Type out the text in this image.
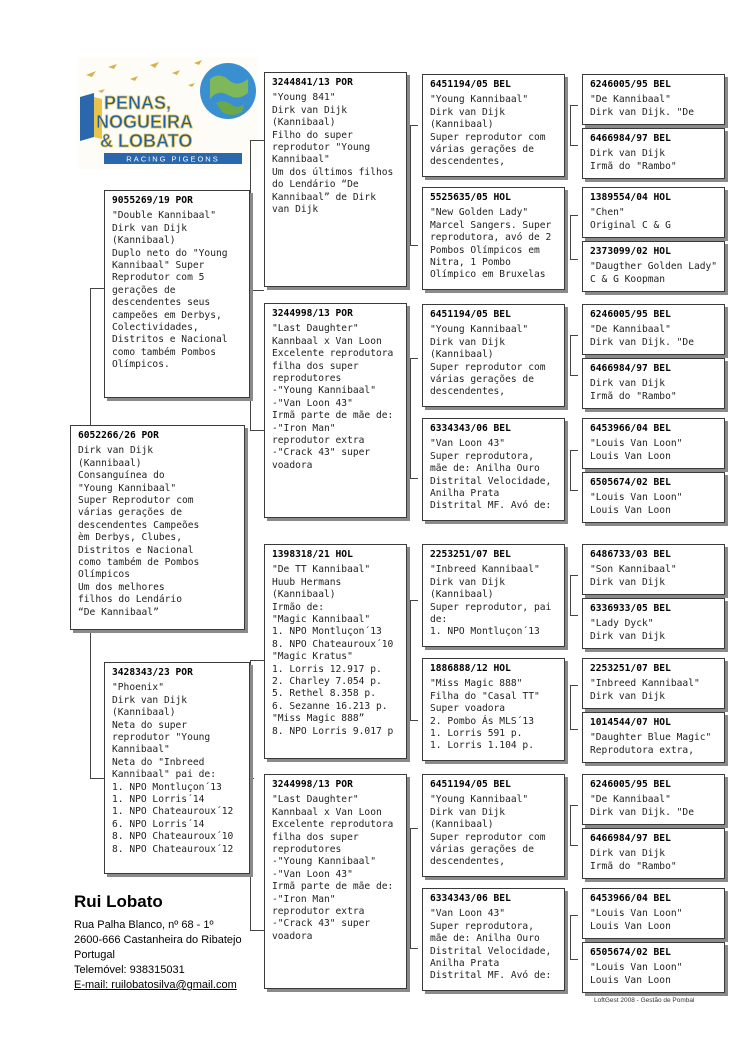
PENAS,
NOGUEIRA
& LOBATO
RACING PIGEONS
6052266/26 POR
Dirk van Dijk
(Kannibaal)
Consanguínea do
"Young Kannibaal"
Super Reprodutor com
várias gerações de
descendentes Campeões
èm Derbys, Clubes,
Distritos e Nacional
como também de Pombos
Olímpicos
Um dos melhores
filhos do Lendário
“De Kannibaal”
9055269/19 POR
"Double Kannibaal"
Dirk van Dijk
(Kannibaal)
Duplo neto do "Young
Kannibaal" Super
Reprodutor com 5
gerações de
descendentes seus
campeões em Derbys,
Colectividades,
Distritos e Nacional
como também Pombos
Olímpicos.
3428343/23 POR
"Phoenix"
Dirk van Dijk
(Kannibaal)
Neta do super
reprodutor "Young
Kannibaal"
Neta do "Inbreed
Kannibaal" pai de:
1. NPO Montluçon´13
1. NPO Lorris´14
1. NPO Chateauroux´12
6. NPO Lorris´14
8. NPO Chateauroux´10
8. NPO Chateauroux´12
3244841/13 POR
"Young 841"
Dirk van Dijk
(Kannibaal)
Filho do super
reprodutor "Young
Kannibaal"
Um dos últimos filhos
do Lendário “De
Kannibaal” de Dirk
van Dijk
3244998/13 POR
"Last Daughter"
Kannbaal x Van Loon
Excelente reprodutora
filha dos super
reprodutores
-"Young Kannibaal"
-"Van Loon 43"
Irmã parte de mãe de:
-"Iron Man"
reprodutor extra
-"Crack 43" super
voadora
1398318/21 HOL
"De TT Kannibaal"
Huub Hermans
(Kannibaal)
Irmão de:
"Magic Kannibaal"
1. NPO Montluçon´13
8. NPO Chateauroux´10
"Magic Kratus"
1. Lorris 12.917 p.
2. Charley 7.054 p.
5. Rethel 8.358 p.
6. Sezanne 16.213 p.
"Miss Magic 888”
8. NPO Lorris 9.017 p
3244998/13 POR
"Last Daughter"
Kannbaal x Van Loon
Excelente reprodutora
filha dos super
reprodutores
-"Young Kannibaal"
-"Van Loon 43"
Irmã parte de mãe de:
-"Iron Man"
reprodutor extra
-"Crack 43" super
voadora
6451194/05 BEL
"Young Kannibaal"
Dirk van Dijk
(Kannibaal)
Super reprodutor com
várias gerações de
descendentes,
5525635/05 HOL
"New Golden Lady"
Marcel Sangers. Super
reprodutora, avó de 2
Pombos Olímpicos em
Nitra, 1 Pombo
Olímpico em Bruxelas
6451194/05 BEL
"Young Kannibaal"
Dirk van Dijk
(Kannibaal)
Super reprodutor com
várias gerações de
descendentes,
6334343/06 BEL
"Van Loon 43"
Super reprodutora,
mãe de: Anilha Ouro
Distrital Velocidade,
Anilha Prata
Distrital MF. Avó de:
2253251/07 BEL
"Inbreed Kannibaal"
Dirk van Dijk
(Kannibaal)
Super reprodutor, pai
de:
1. NPO Montluçon´13
1886888/12 HOL
"Miss Magic 888"
Filha do "Casal TT"
Super voadora
2. Pombo Ás MLS´13
1. Lorris 591 p.
1. Lorris 1.104 p.
6451194/05 BEL
"Young Kannibaal"
Dirk van Dijk
(Kannibaal)
Super reprodutor com
várias gerações de
descendentes,
6334343/06 BEL
"Van Loon 43"
Super reprodutora,
mãe de: Anilha Ouro
Distrital Velocidade,
Anilha Prata
Distrital MF. Avó de:
6246005/95 BEL
"De Kannibaal"
Dirk van Dijk. "De
6466984/97 BEL
Dirk van Dijk
Irmã do "Rambo"
1389554/04 HOL
"Chen"
Original C & G
2373099/02 HOL
"Daugther Golden Lady"
C & G Koopman
6246005/95 BEL
"De Kannibaal"
Dirk van Dijk. "De
6466984/97 BEL
Dirk van Dijk
Irmã do "Rambo"
6453966/04 BEL
"Louis Van Loon"
Louis Van Loon
6505674/02 BEL
"Louis Van Loon"
Louis Van Loon
6486733/03 BEL
"Son Kannibaal"
Dirk van Dijk
6336933/05 BEL
"Lady Dyck"
Dirk van Dijk
2253251/07 BEL
"Inbreed Kannibaal"
Dirk van Dijk
1014544/07 HOL
"Daughter Blue Magic"
Reprodutora extra,
6246005/95 BEL
"De Kannibaal"
Dirk van Dijk. "De
6466984/97 BEL
Dirk van Dijk
Irmã do "Rambo"
6453966/04 BEL
"Louis Van Loon"
Louis Van Loon
6505674/02 BEL
"Louis Van Loon"
Louis Van Loon
Rui Lobato
Rua Palha Blanco, nº 68 - 1º
2600-666 Castanheira do Ribatejo
Portugal
Telemóvel: 938315031
E-mail: ruilobatosilva@gmail.com
LoftGest 2008 - Gestão de Pombal
